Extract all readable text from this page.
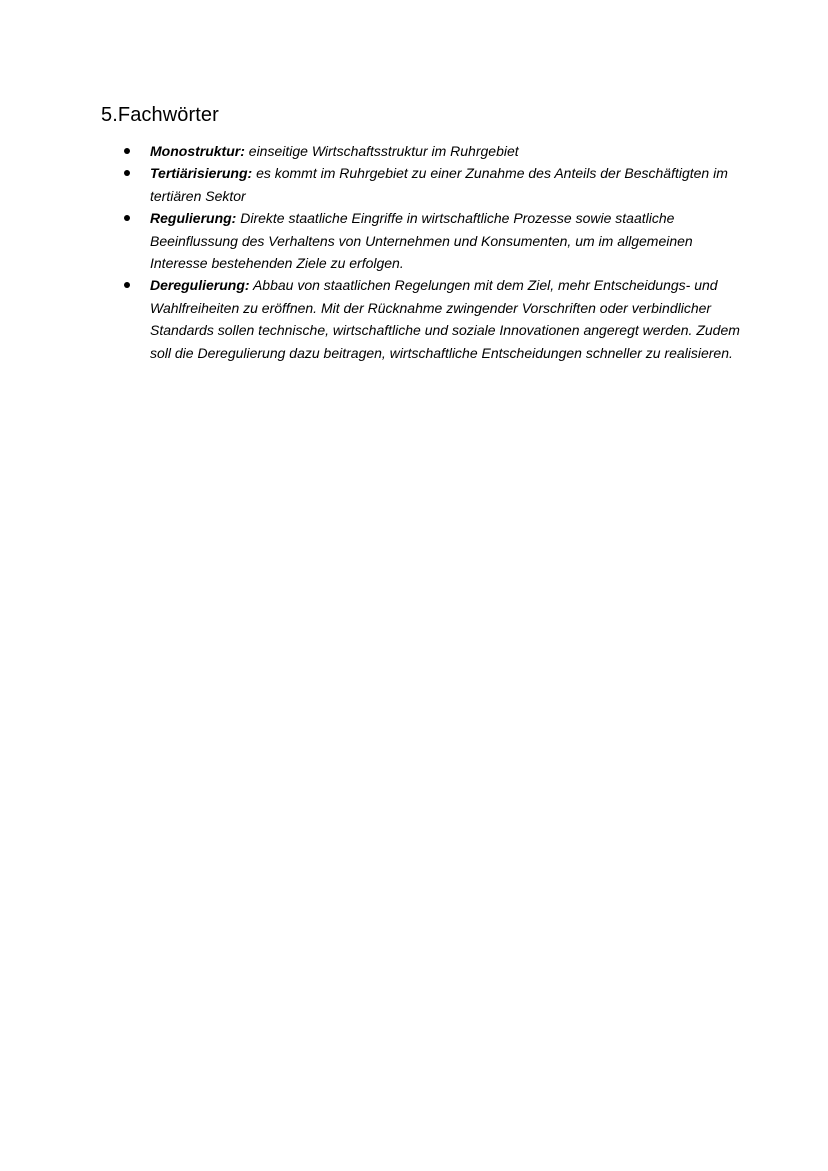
5.Fachwörter
Monostruktur: einseitige Wirtschaftsstruktur im Ruhrgebiet
Tertiärisierung: es kommt im Ruhrgebiet zu einer Zunahme des Anteils der Beschäftigten im tertiären Sektor
Regulierung: Direkte staatliche Eingriffe in wirtschaftliche Prozesse sowie staatliche Beeinflussung des Verhaltens von Unternehmen und Konsumenten, um im allgemeinen Interesse bestehenden Ziele zu erfolgen.
Deregulierung: Abbau von staatlichen Regelungen mit dem Ziel, mehr Entscheidungs- und Wahlfreiheiten zu eröffnen. Mit der Rücknahme zwingender Vorschriften oder verbindlicher Standards sollen technische, wirtschaftliche und soziale Innovationen angeregt werden. Zudem soll die Deregulierung dazu beitragen, wirtschaftliche Entscheidungen schneller zu realisieren.
